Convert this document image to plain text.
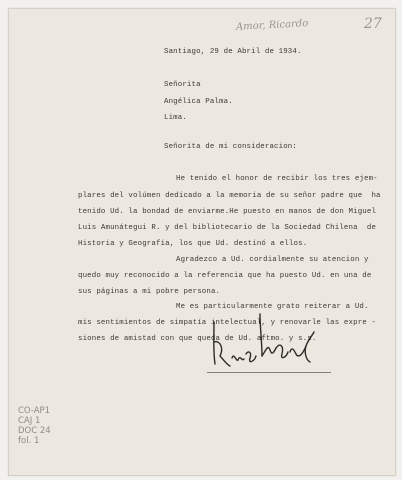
Amor, Ricardo	27
Santiago, 29 de Abril de 1934.
Señorita
Angélica Palma.
Lima.
Señorita de mi consideracion:
He tenido el honor de recibir los tres ejem-
plares del volúmen dedicado a la memoria de su señor padre que  ha
tenido Ud. la bondad de enviarme.He puesto en manos de don Miguel
Luis Amunátegui R. y del bibliotecario de la Sociedad Chilena  de
Historia y Geografía, los que Ud. destinó a ellos.
Agradezco a Ud. cordialmente su atencion y
quedo muy reconocido a la referencia que ha puesto Ud. en una de
sus páginas a mi pobre persona.
Me es particularmente grato reiterar a Ud.
mis sentimientos de simpatía intelectual, y renovarle las expre -
siones de amistad con que queda de Ud. aftmo. y s.s.
CO-AP1
CAJ 1
DOC 24
fol. 1
